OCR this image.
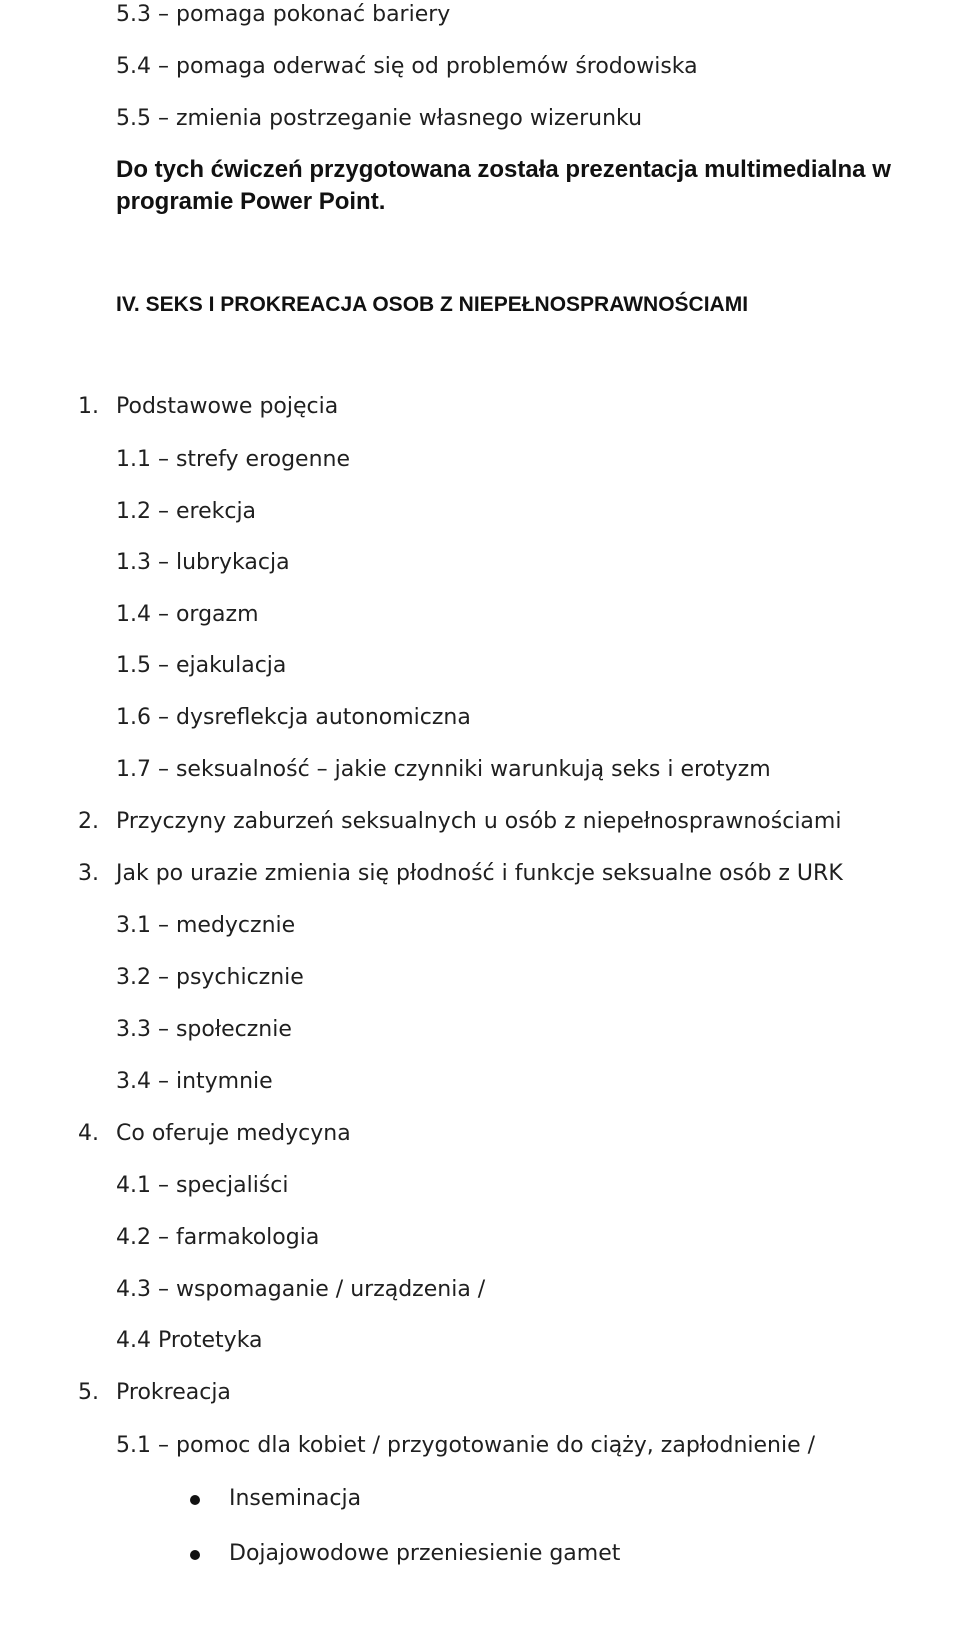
5.3 – pomaga pokonać bariery
5.4 – pomaga oderwać się od problemów środowiska
5.5 – zmienia postrzeganie własnego wizerunku
Do tych ćwiczeń przygotowana została prezentacja multimedialna w
programie Power Point.
IV. SEKS I PROKREACJA OSOB Z NIEPEŁNOSPRAWNOŚCIAMI
1. Podstawowe pojęcia
1.1 – strefy erogenne
1.2 – erekcja
1.3 – lubrykacja
1.4 – orgazm
1.5 – ejakulacja
1.6 – dysreflekcja autonomiczna
1.7 – seksualność – jakie czynniki warunkują seks i erotyzm
2. Przyczyny zaburzeń seksualnych u osób z niepełnosprawnościami
3. Jak po urazie zmienia się płodność i funkcje seksualne osób z URK
3.1 – medycznie
3.2 – psychicznie
3.3 – społecznie
3.4 – intymnie
4. Co oferuje medycyna
4.1 – specjaliści
4.2 – farmakologia
4.3 – wspomaganie / urządzenia /
4.4 Protetyka
5. Prokreacja
5.1 – pomoc dla kobiet / przygotowanie do ciąży, zapłodnienie /
Inseminacja
Dojajowodowe przeniesienie gamet
